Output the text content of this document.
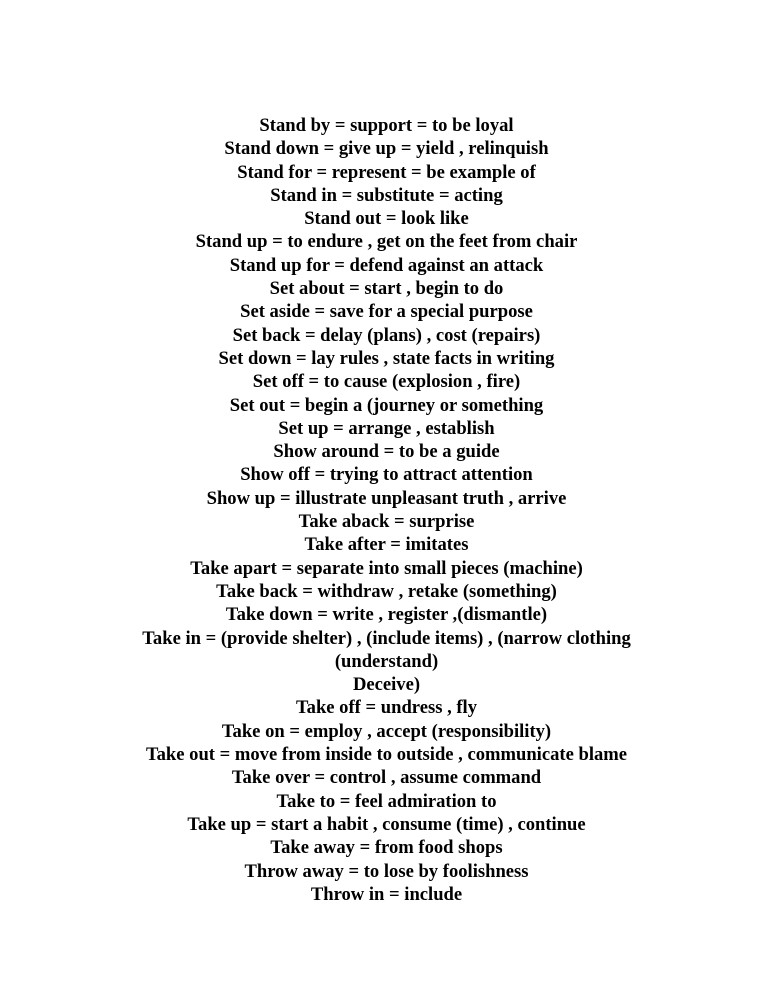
Stand by = support = to be loyal
Stand down = give up = yield , relinquish
Stand for = represent = be example of
Stand in = substitute = acting
Stand out = look like
Stand up = to endure , get on the feet from chair
Stand up for = defend against an attack
Set about = start , begin to do
Set aside = save for a special purpose
Set back = delay (plans) , cost (repairs)
Set down = lay rules , state facts in writing
Set off = to cause (explosion , fire)
Set out = begin a (journey or something
Set up = arrange , establish
Show around = to be a guide
Show off = trying to attract attention
Show up = illustrate unpleasant truth , arrive
Take aback = surprise
Take after = imitates
Take apart = separate into small pieces (machine)
Take back = withdraw , retake (something)
Take down = write , register ,(dismantle)
Take in = (provide shelter) , (include items) , (narrow clothing
(understand)
Deceive)
Take off = undress , fly
Take on = employ , accept (responsibility)
Take out = move from inside to outside , communicate blame
Take over = control , assume command
Take to = feel admiration to
Take up = start a habit , consume (time) , continue
Take away = from food shops
Throw away = to lose by foolishness
Throw in = include
